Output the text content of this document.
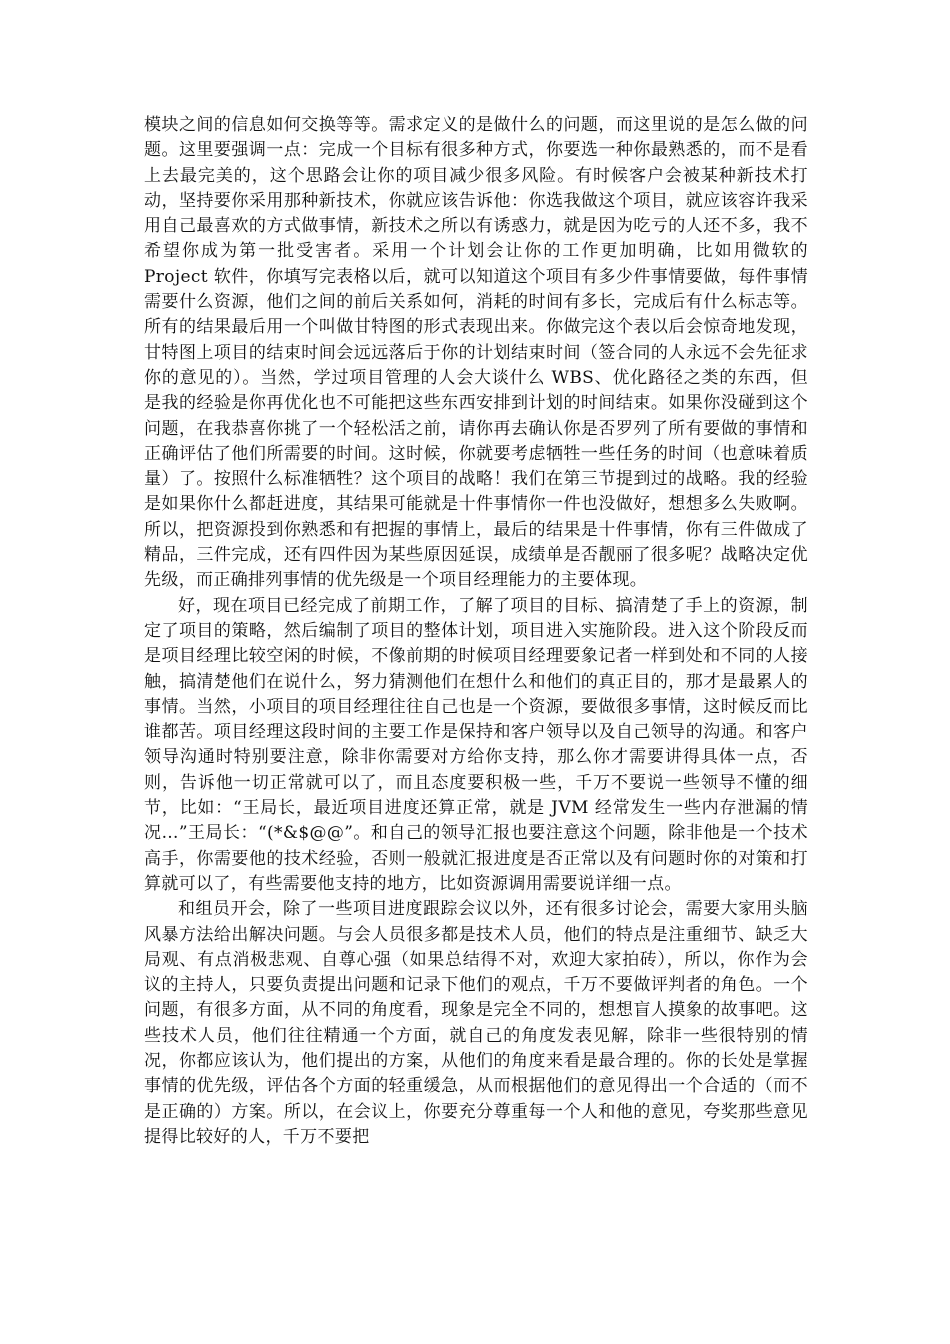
模块之间的信息如何交换等等。需求定义的是做什么的问题，而这里说的是怎么做的问题。这里要强调一点：完成一个目标有很多种方式，你要选一种你最熟悉的，而不是看上去最完美的，这个思路会让你的项目减少很多风险。有时候客户会被某种新技术打动，坚持要你采用那种新技术，你就应该告诉他：你选我做这个项目，就应该容许我采用自己最喜欢的方式做事情，新技术之所以有诱惑力，就是因为吃亏的人还不多，我不希望你成为第一批受害者。采用一个计划会让你的工作更加明确，比如用微软的 Project 软件，你填写完表格以后，就可以知道这个项目有多少件事情要做，每件事情需要什么资源，他们之间的前后关系如何，消耗的时间有多长，完成后有什么标志等。所有的结果最后用一个叫做甘特图的形式表现出来。你做完这个表以后会惊奇地发现，甘特图上项目的结束时间会远远落后于你的计划结束时间（签合同的人永远不会先征求你的意见的）。当然，学过项目管理的人会大谈什么 WBS、优化路径之类的东西，但是我的经验是你再优化也不可能把这些东西安排到计划的时间结束。如果你没碰到这个问题，在我恭喜你挑了一个轻松活之前，请你再去确认你是否罗列了所有要做的事情和正确评估了他们所需要的时间。这时候，你就要考虑牺牲一些任务的时间（也意味着质量）了。按照什么标准牺牲？这个项目的战略！我们在第三节提到过的战略。我的经验是如果你什么都赶进度，其结果可能就是十件事情你一件也没做好，想想多么失败啊。所以，把资源投到你熟悉和有把握的事情上，最后的结果是十件事情，你有三件做成了精品，三件完成，还有四件因为某些原因延误，成绩单是否靓丽了很多呢？战略决定优先级，而正确排列事情的优先级是一个项目经理能力的主要体现。

好，现在项目已经完成了前期工作，了解了项目的目标、搞清楚了手上的资源，制定了项目的策略，然后编制了项目的整体计划，项目进入实施阶段。进入这个阶段反而是项目经理比较空闲的时候，不像前期的时候项目经理要象记者一样到处和不同的人接触，搞清楚他们在说什么，努力猜测他们在想什么和他们的真正目的，那才是最累人的事情。当然，小项目的项目经理往往自己也是一个资源，要做很多事情，这时候反而比谁都苦。项目经理这段时间的主要工作是保持和客户领导以及自己领导的沟通。和客户领导沟通时特别要注意，除非你需要对方给你支持，那么你才需要讲得具体一点，否则，告诉他一切正常就可以了，而且态度要积极一些，千万不要说一些领导不懂的细节，比如：“王局长，最近项目进度还算正常，就是 JVM 经常发生一些内存泄漏的情况…”王局长：“(*&$@@”。和自己的领导汇报也要注意这个问题，除非他是一个技术高手，你需要他的技术经验，否则一般就汇报进度是否正常以及有问题时你的对策和打算就可以了，有些需要他支持的地方，比如资源调用需要说详细一点。

和组员开会，除了一些项目进度跟踪会议以外，还有很多讨论会，需要大家用头脑风暴方法给出解决问题。与会人员很多都是技术人员，他们的特点是注重细节、缺乏大局观、有点消极悲观、自尊心强（如果总结得不对，欢迎大家拍砖），所以，你作为会议的主持人，只要负责提出问题和记录下他们的观点，千万不要做评判者的角色。一个问题，有很多方面，从不同的角度看，现象是完全不同的，想想盲人摸象的故事吧。这些技术人员，他们往往精通一个方面，就自己的角度发表见解，除非一些很特别的情况，你都应该认为，他们提出的方案，从他们的角度来看是最合理的。你的长处是掌握事情的优先级，评估各个方面的轻重缓急，从而根据他们的意见得出一个合适的（而不是正确的）方案。所以，在会议上，你要充分尊重每一个人和他的意见，夸奖那些意见提得比较好的人，千万不要把
